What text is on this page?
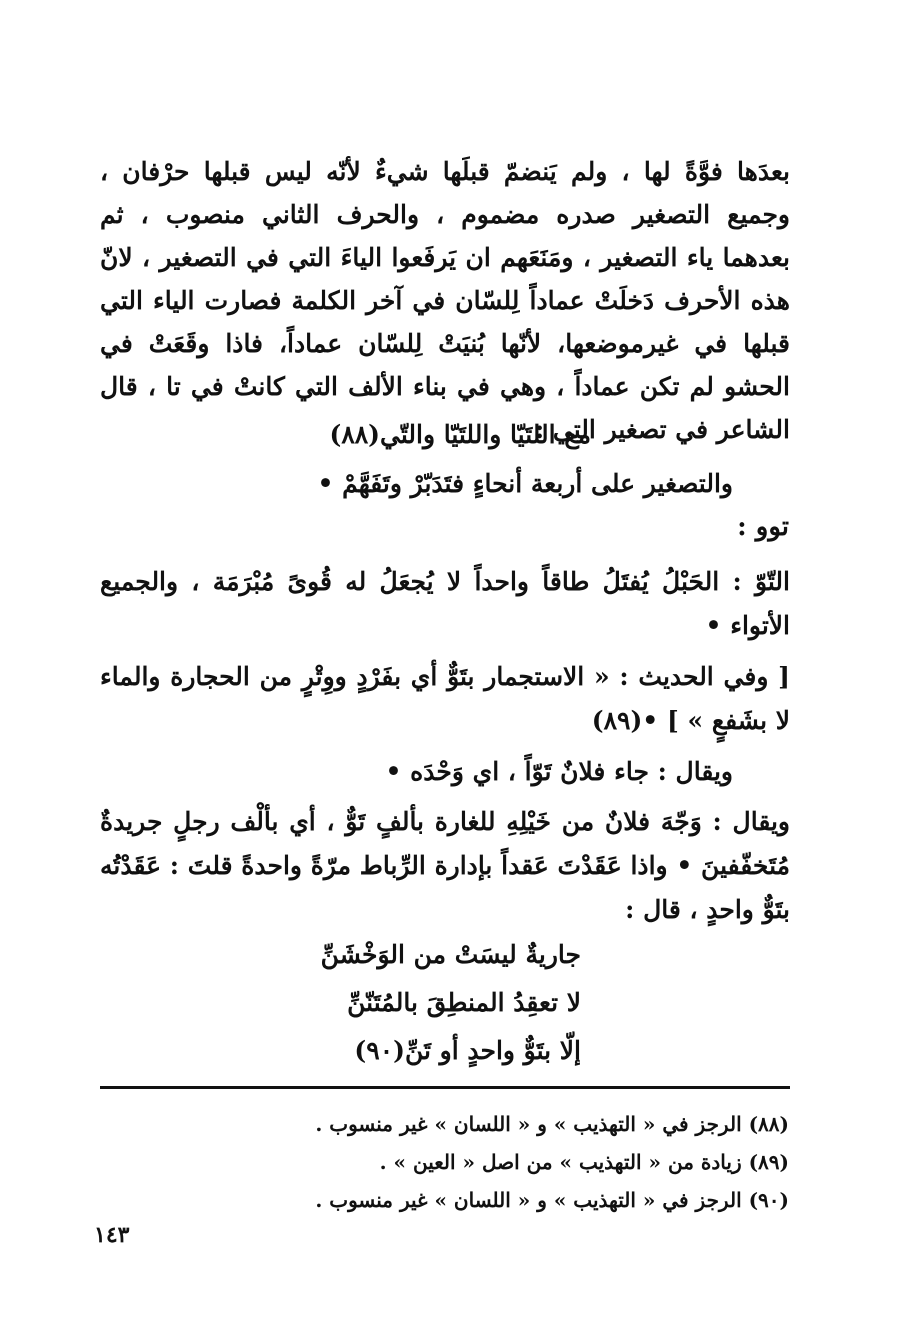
بعدَها فوَّةً لها ، ولم يَنضمّ قبلَها شيءٌ لأنّه ليس قبلها حرْفان ، وجميع التصغير صدره مضموم ، والحرف الثاني منصوب ، ثم بعدهما ياء التصغير ، ومَنَعَهم ان يَرفَعوا الياءَ التي في التصغير ، لانّ هذه الأحرف دَخلَتْ عماداً لِلسّان في آخر الكلمة فصارت الياء التي قبلها في غيرموضعها، لأنّها بُنيَتْ لِلسّان عماداً، فاذا وقَعَتْ في الحشو لم تكن عماداً ، وهي في بناء الألف التي كانتْ في تا ، قال الشاعر في تصغير التي :

مع اللتَيّا واللتَيّا والتّي(٨٨)

والتصغير على أربعة أنحاءٍ فتَدَبّرْ وتَفَهَّمْ •

توو :

التّوّ : الحَبْلُ يُفتَلُ طاقاً واحداً لا يُجعَلُ له قُوىً مُبْرَمَة ، والجميع الأتواء •

[ وفي الحديث : « الاستجمار بتَوٌّ أي بفَرْدٍ ووِتْرٍ من الحجارة والماء لا بشَفعٍ » ] •(٨٩)

ويقال : جاء فلانٌ تَوّاً ، اي وَحْدَه •

ويقال : وَجّهَ فلانٌ من خَيْلِهِ للغارة بألفٍ تَوٌّ ، أي بألْف رجلٍ جريدةٌ مُتَخفّفينَ • واذا عَقَدْتَ عَقداً بإدارة الرِّباط مرّةً واحدةً قلتَ : عَقَدْتُه بتَوٌّ واحدٍ ، قال :

جاريةٌ ليسَتْ من الوَخْشَنِّ
لا تعقِدُ المنطِقَ بالمُتَنّنِّ
إلّا بتَوٌّ واحدٍ أو تَنِّ(٩٠)
(٨٨) الرجز في « التهذيب » و « اللسان » غير منسوب .
(٨٩) زيادة من « التهذيب » من اصل « العين » .
(٩٠) الرجز في « التهذيب » و « اللسان » غير منسوب .
١٤٣
